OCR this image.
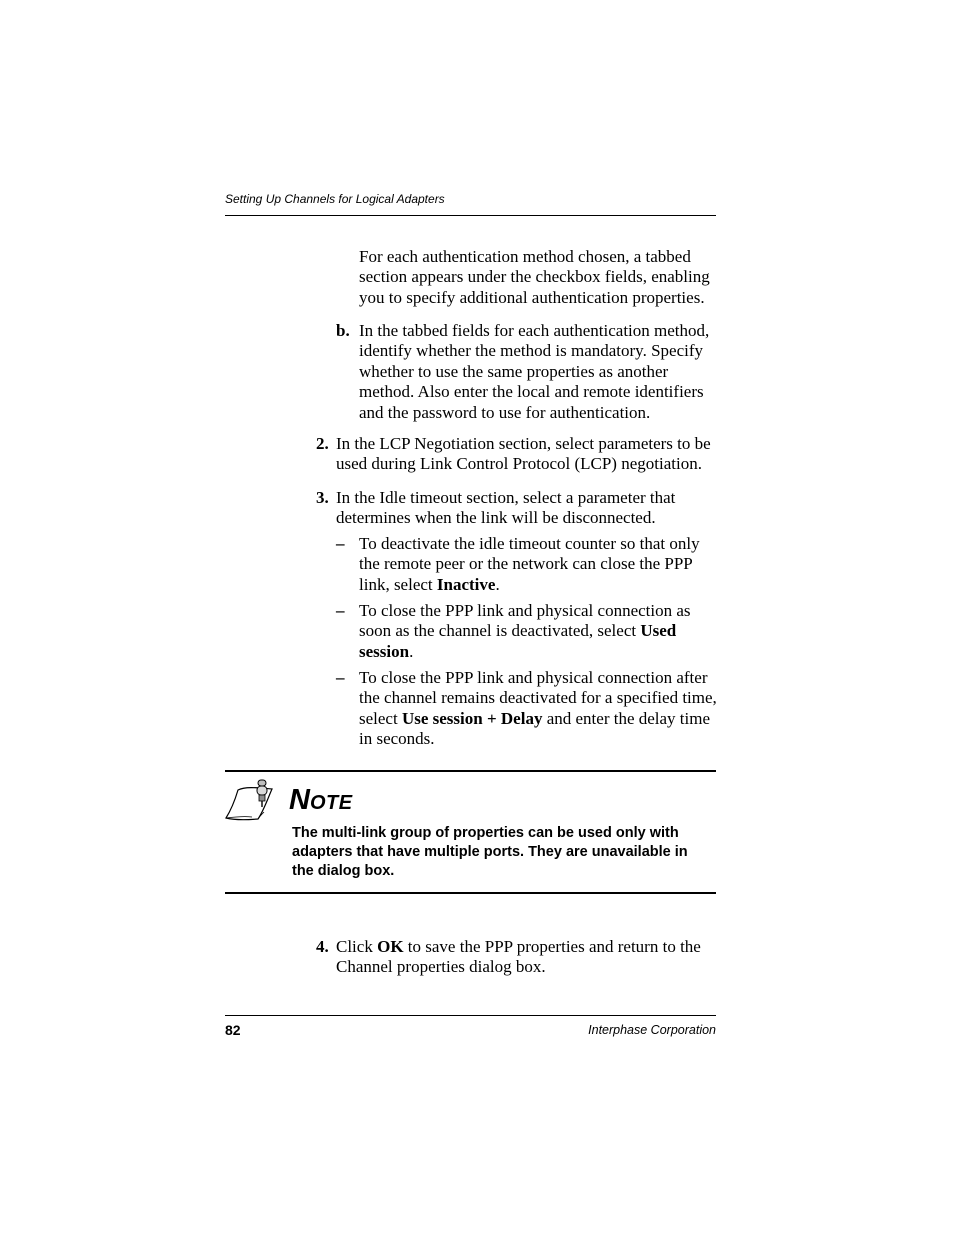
Setting Up Channels for Logical Adapters
For each authentication method chosen, a tabbed
section appears under the checkbox fields, enabling
you to specify additional authentication properties.
b. In the tabbed fields for each authentication method,
identify whether the method is mandatory. Specify
whether to use the same properties as another
method. Also enter the local and remote identifiers
and the password to use for authentication.
2. In the LCP Negotiation section, select parameters to be
used during Link Control Protocol (LCP) negotiation.
3. In the Idle timeout section, select a parameter that
determines when the link will be disconnected.
– To deactivate the idle timeout counter so that only
the remote peer or the network can close the PPP
link, select Inactive.
– To close the PPP link and physical connection as
soon as the channel is deactivated, select Used
session.
– To close the PPP link and physical connection after
the channel remains deactivated for a specified time,
select Use session + Delay and enter the delay time
in seconds.
NOTE
The multi-link group of properties can be used only with
adapters that have multiple ports. They are unavailable in
the dialog box.
4. Click OK to save the PPP properties and return to the
Channel properties dialog box.
82	Interphase Corporation
